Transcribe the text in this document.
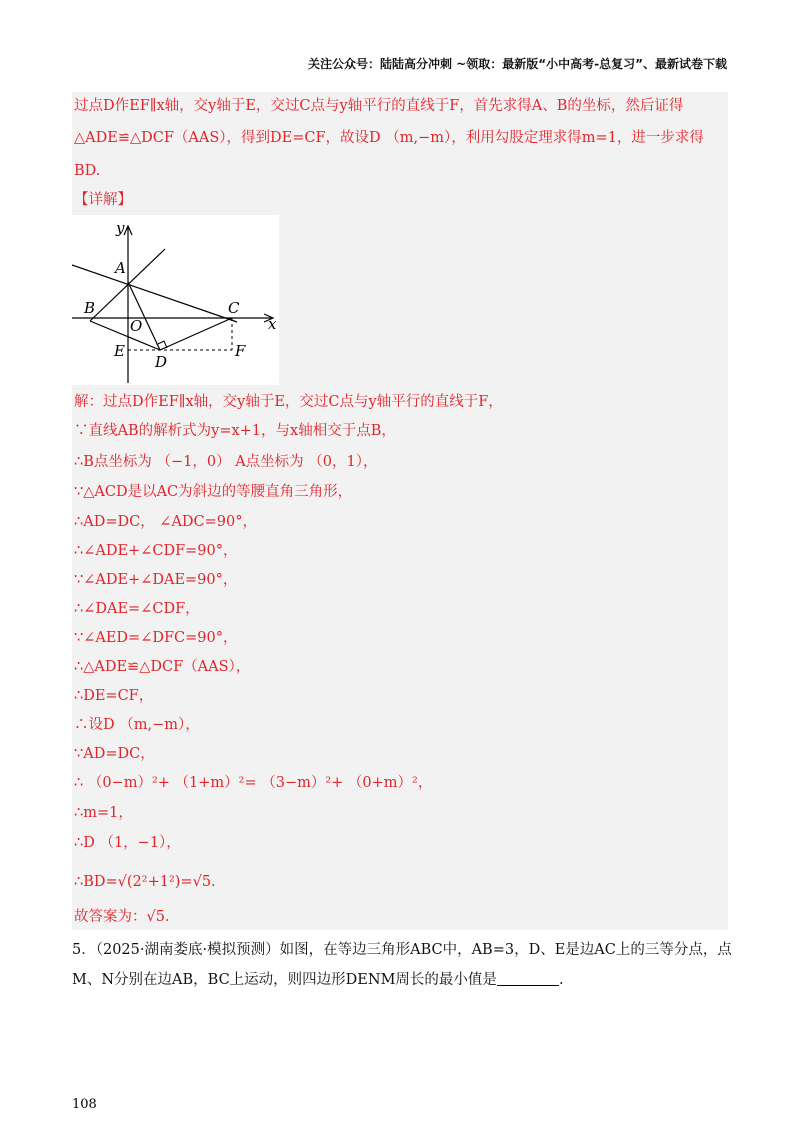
关注公众号：陆陆高分冲刺 ~领取：最新版“小中高考-总复习”、最新试卷下载
过点D作EF∥x轴，交y轴于E，交过C点与y轴平行的直线于F，首先求得A、B的坐标，然后证得
△ADE≌△DCF（AAS），得到DE=CF，故设D （m,−m），利用勾股定理求得m=1，进一步求得
BD.
【详解】
y
x
A
B	C
O
E	F
D
解：过点D作EF∥x轴，交y轴于E，交过C点与y轴平行的直线于F，
∵直线AB的解析式为y=x+1，与x轴相交于点B，
∴B点坐标为 （−1，0） A点坐标为 （0，1），
∵△ACD是以AC为斜边的等腰直角三角形，
∴AD=DC， ∠ADC=90°，
∴∠ADE+∠CDF=90°，
∵∠ADE+∠DAE=90°，
∴∠DAE=∠CDF，
∵∠AED=∠DFC=90°，
∴△ADE≌△DCF（AAS），
∴DE=CF，
∴设D （m,−m），
∵AD=DC，
∴ （0−m）²+ （1+m）²= （3−m）²+ （0+m）²，
∴m=1，
∴D （1，−1），
∴BD=√(2²+1²)=√5.
故答案为：√5.
5．（2025·湖南娄底·模拟预测）如图，在等边三角形ABC中，AB=3，D、E是边AC上的三等分点，点
M、N分别在边AB，BC上运动，则四边形DENM周长的最小值是	.
108
